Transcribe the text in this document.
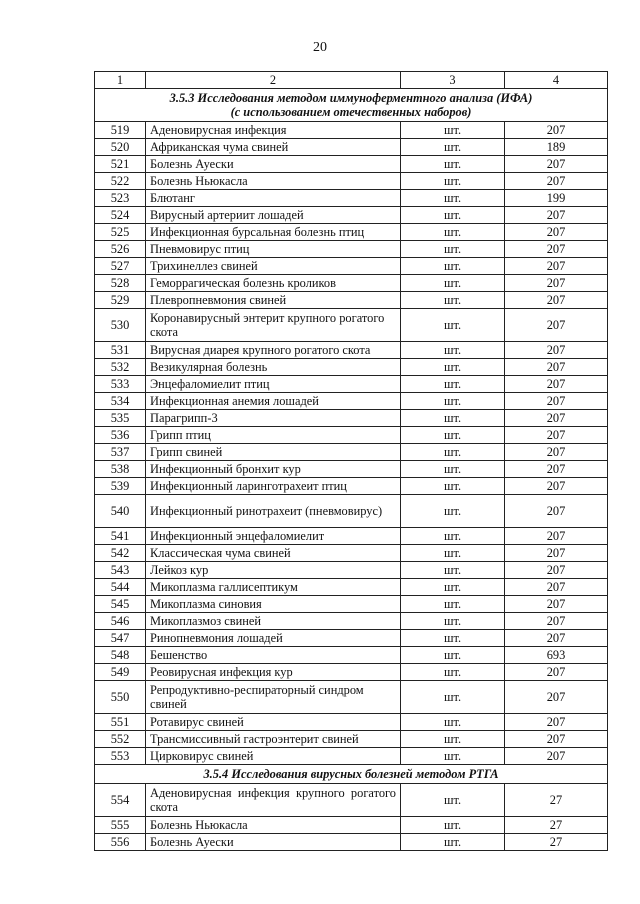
20
1	2	3	4

3.5.3 Исследования методом иммуноферментного анализа (ИФА)
(с использованием отечественных наборов)			

519	Аденовирусная инфекция	шт.	207
520	Африканская чума свиней	шт.	189
521	Болезнь Ауески	шт.	207
522	Болезнь Ньюкасла	шт.	207
523	Блютанг	шт.	199
524	Вирусный артериит лошадей	шт.	207
525	Инфекционная бурсальная болезнь птиц	шт.	207
526	Пневмовирус птиц	шт.	207
527	Трихинеллез свиней	шт.	207
528	Геморрагическая болезнь кроликов	шт.	207
529	Плевропневмония свиней	шт.	207
530	Коронавирусный энтерит крупного рогатого скота	шт.	207
531	Вирусная диарея крупного рогатого скота	шт.	207
532	Везикулярная болезнь	шт.	207
533	Энцефаломиелит птиц	шт.	207
534	Инфекционная анемия лошадей	шт.	207
535	Парагрипп-3	шт.	207
536	Грипп птиц	шт.	207
537	Грипп свиней	шт.	207
538	Инфекционный бронхит кур	шт.	207
539	Инфекционный ларинготрахеит птиц	шт.	207
540	Инфекционный ринотрахеит (пневмовирус)	шт.	207
541	Инфекционный энцефаломиелит	шт.	207
542	Классическая чума свиней	шт.	207
543	Лейкоз кур	шт.	207
544	Микоплазма галлисептикум	шт.	207
545	Микоплазма синовия	шт.	207
546	Микоплазмоз свиней	шт.	207
547	Ринопневмония лошадей	шт.	207
548	Бешенство	шт.	693
549	Реовирусная инфекция кур	шт.	207
550	Репродуктивно-респираторный синдром свиней	шт.	207
551	Ротавирус свиней	шт.	207
552	Трансмиссивный гастроэнтерит свиней	шт.	207
553	Цирковирус свиней	шт.	207

3.5.4 Исследования вирусных болезней методом РТГА			

554	Аденовирусная инфекция крупного рогатого скота	шт.	27
555	Болезнь Ньюкасла	шт.	27
556	Болезнь Ауески	шт.	27
